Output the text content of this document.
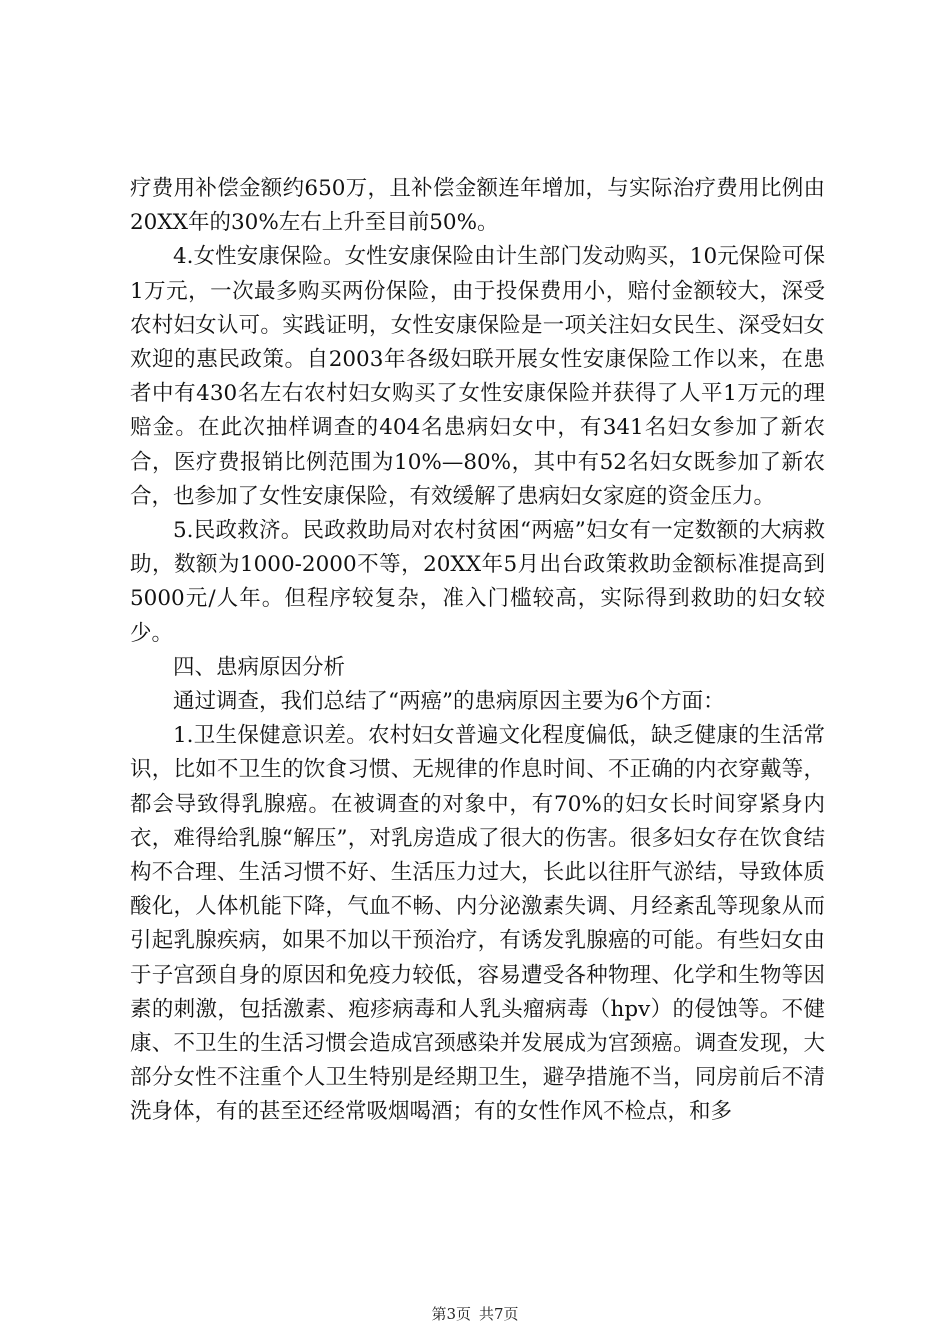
疗费用补偿金额约650万，且补偿金额连年增加，与实际治疗费用比例由20XX年的30%左右上升至目前50%。

4.女性安康保险。女性安康保险由计生部门发动购买，10元保险可保1万元，一次最多购买两份保险，由于投保费用小，赔付金额较大，深受农村妇女认可。实践证明，女性安康保险是一项关注妇女民生、深受妇女欢迎的惠民政策。自2003年各级妇联开展女性安康保险工作以来，在患者中有430名左右农村妇女购买了女性安康保险并获得了人平1万元的理赔金。在此次抽样调查的404名患病妇女中，有341名妇女参加了新农合，医疗费报销比例范围为10%—80%，其中有52名妇女既参加了新农合，也参加了女性安康保险，有效缓解了患病妇女家庭的资金压力。

5.民政救济。民政救助局对农村贫困“两癌”妇女有一定数额的大病救助，数额为1000-2000不等，20XX年5月出台政策救助金额标准提高到5000元/人年。但程序较复杂，准入门槛较高，实际得到救助的妇女较少。

四、患病原因分析

通过调查，我们总结了“两癌”的患病原因主要为6个方面：

1.卫生保健意识差。农村妇女普遍文化程度偏低，缺乏健康的生活常识，比如不卫生的饮食习惯、无规律的作息时间、不正确的内衣穿戴等，都会导致得乳腺癌。在被调查的对象中，有70%的妇女长时间穿紧身内衣，难得给乳腺“解压”，对乳房造成了很大的伤害。很多妇女存在饮食结构不合理、生活习惯不好、生活压力过大，长此以往肝气淤结，导致体质酸化，人体机能下降，气血不畅、内分泌激素失调、月经紊乱等现象从而引起乳腺疾病，如果不加以干预治疗，有诱发乳腺癌的可能。有些妇女由于子宫颈自身的原因和免疫力较低，容易遭受各种物理、化学和生物等因素的刺激，包括激素、疱疹病毒和人乳头瘤病毒（hpv）的侵蚀等。不健康、不卫生的生活习惯会造成宫颈感染并发展成为宫颈癌。调查发现，大部分女性不注重个人卫生特别是经期卫生，避孕措施不当，同房前后不清洗身体，有的甚至还经常吸烟喝酒；有的女性作风不检点，和多

第3页 共7页
